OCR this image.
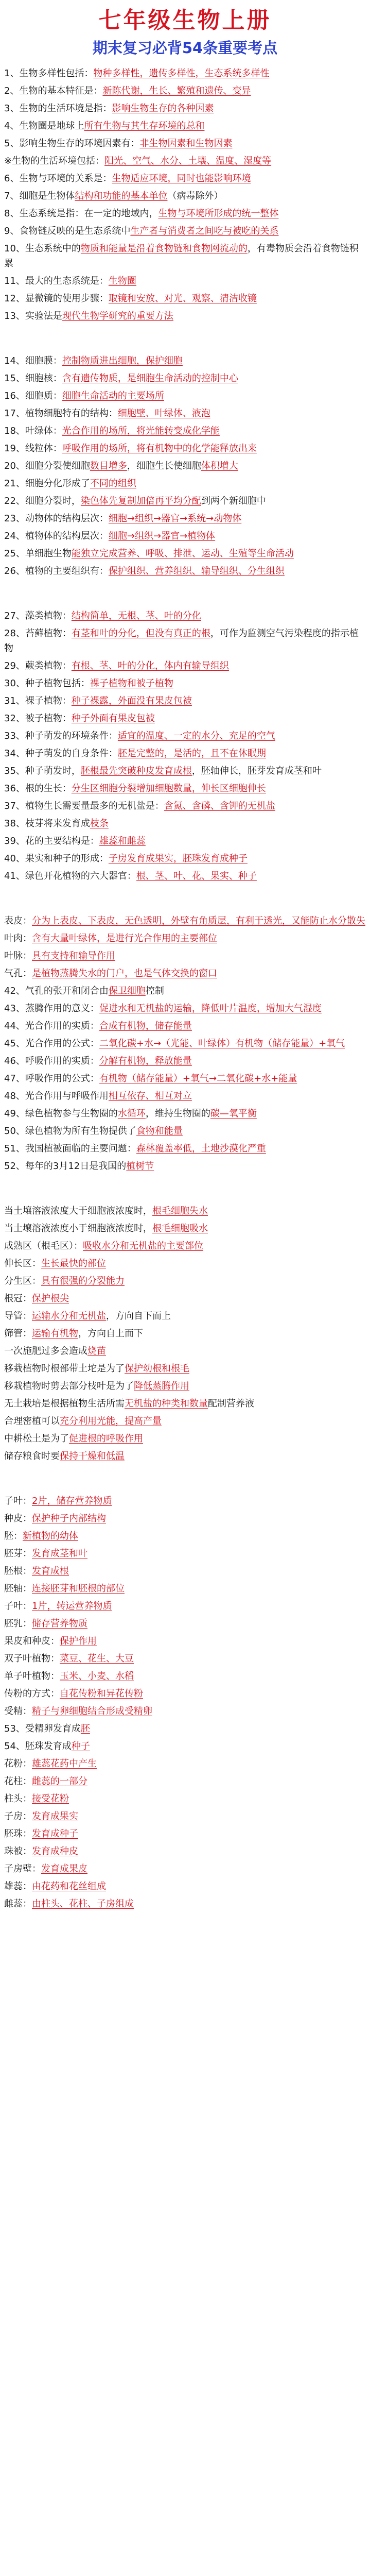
七年级生物上册
期末复习必背54条重要考点

1、生物多样性包括：物种多样性，遗传多样性，生态系统多样性

2、生物的基本特征是：新陈代谢，生长、繁殖和遗传、变异

3、生物的生活环境是指：影响生物生存的各种因素

4、生物圈是地球上所有生物与其生存环境的总和

5、影响生物生存的环境因素有：非生物因素和生物因素

※生物的生活环境包括：阳光、空气、水分、土壤、温度、湿度等

6、生物与环境的关系是：生物适应环境，同时也能影响环境

7、细胞是生物体结构和功能的基本单位（病毒除外）

8、生态系统是指：在一定的地域内，生物与环境所形成的统一整体

9、食物链反映的是生态系统中生产者与消费者之间吃与被吃的关系

10、生态系统中的物质和能量是沿着食物链和食物网流动的，有毒物质会沿着食物链积累

11、最大的生态系统是：生物圈

12、显微镜的使用步骤：取镜和安放、对光、观察、清洁收镜

13、实验法是现代生物学研究的重要方法

14、细胞膜：控制物质进出细胞，保护细胞

15、细胞核：含有遗传物质，是细胞生命活动的控制中心

16、细胞质：细胞生命活动的主要场所

17、植物细胞特有的结构：细胞壁、叶绿体、液泡

18、叶绿体：光合作用的场所，将光能转变成化学能

19、线粒体：呼吸作用的场所，将有机物中的化学能释放出来

20、细胞分裂使细胞数目增多，细胞生长使细胞体积增大

21、细胞分化形成了不同的组织

22、细胞分裂时，染色体先复制加倍再平均分配到两个新细胞中

23、动物体的结构层次：细胞→组织→器官→系统→动物体

24、植物体的结构层次：细胞→组织→器官→植物体

25、单细胞生物能独立完成营养、呼吸、排泄、运动、生殖等生命活动

26、植物的主要组织有：保护组织、营养组织、输导组织、分生组织

27、藻类植物：结构简单，无根、茎、叶的分化

28、苔藓植物：有茎和叶的分化，但没有真正的根，可作为监测空气污染程度的指示植物

29、蕨类植物：有根、茎、叶的分化，体内有输导组织

30、种子植物包括：裸子植物和被子植物

31、裸子植物：种子裸露，外面没有果皮包被

32、被子植物：种子外面有果皮包被

33、种子萌发的环境条件：适宜的温度、一定的水分、充足的空气

34、种子萌发的自身条件：胚是完整的，是活的，且不在休眠期

35、种子萌发时，胚根最先突破种皮发育成根，胚轴伸长，胚芽发育成茎和叶

36、根的生长：分生区细胞分裂增加细胞数量，伸长区细胞伸长

37、植物生长需要量最多的无机盐是：含氮、含磷、含钾的无机盐

38、枝芽将来发育成枝条

39、花的主要结构是：雄蕊和雌蕊

40、果实和种子的形成：子房发育成果实，胚珠发育成种子

41、绿色开花植物的六大器官：根、茎、叶、花、果实、种子

表皮：分为上表皮、下表皮，无色透明，外壁有角质层，有利于透光，又能防止水分散失

叶肉：含有大量叶绿体，是进行光合作用的主要部位

叶脉：具有支持和输导作用

气孔：是植物蒸腾失水的门户，也是气体交换的窗口

42、气孔的张开和闭合由保卫细胞控制

43、蒸腾作用的意义：促进水和无机盐的运输，降低叶片温度，增加大气湿度

44、光合作用的实质：合成有机物，储存能量

45、光合作用的公式：二氧化碳+水→（光能、叶绿体）有机物（储存能量）+氧气

46、呼吸作用的实质：分解有机物，释放能量

47、呼吸作用的公式：有机物（储存能量）+氧气→二氧化碳+水+能量

48、光合作用与呼吸作用相互依存、相互对立

49、绿色植物参与生物圈的水循环，维持生物圈的碳—氧平衡

50、绿色植物为所有生物提供了食物和能量

51、我国植被面临的主要问题：森林覆盖率低，土地沙漠化严重

52、每年的3月12日是我国的植树节

当土壤溶液浓度大于细胞液浓度时，根毛细胞失水

当土壤溶液浓度小于细胞液浓度时，根毛细胞吸水

成熟区（根毛区）：吸收水分和无机盐的主要部位

伸长区：生长最快的部位

分生区：具有很强的分裂能力

根冠：保护根尖

导管：运输水分和无机盐，方向自下而上

筛管：运输有机物，方向自上而下

一次施肥过多会造成烧苗

移栽植物时根部带土坨是为了保护幼根和根毛

移栽植物时剪去部分枝叶是为了降低蒸腾作用

无土栽培是根据植物生活所需无机盐的种类和数量配制营养液

合理密植可以充分利用光能，提高产量

中耕松土是为了促进根的呼吸作用

储存粮食时要保持干燥和低温

子叶：2片，储存营养物质

种皮：保护种子内部结构

胚：新植物的幼体

胚芽：发育成茎和叶

胚根：发育成根

胚轴：连接胚芽和胚根的部位

子叶：1片，转运营养物质

胚乳：储存营养物质

果皮和种皮：保护作用

双子叶植物：菜豆、花生、大豆

单子叶植物：玉米、小麦、水稻

传粉的方式：自花传粉和异花传粉

受精：精子与卵细胞结合形成受精卵

53、受精卵发育成胚

54、胚珠发育成种子

花粉：雄蕊花药中产生

花柱：雌蕊的一部分

柱头：接受花粉

子房：发育成果实

胚珠：发育成种子

珠被：发育成种皮

子房壁：发育成果皮

雄蕊：由花药和花丝组成

雌蕊：由柱头、花柱、子房组成
